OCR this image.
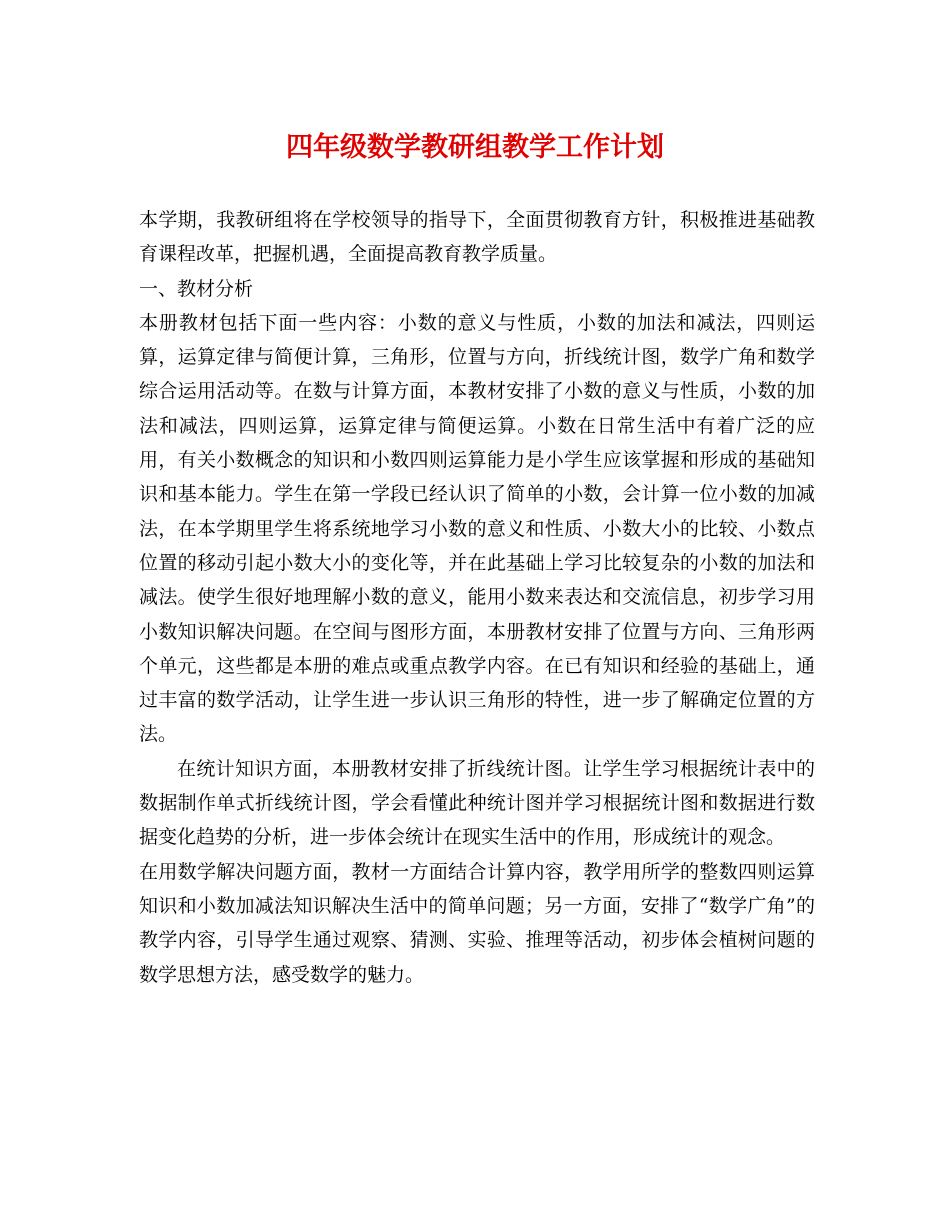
四年级数学教研组教学工作计划

本学期，我教研组将在学校领导的指导下，全面贯彻教育方针，积极推进基础教育课程改革，把握机遇，全面提高教育教学质量。

一、教材分析

本册教材包括下面一些内容：小数的意义与性质，小数的加法和减法，四则运算，运算定律与简便计算，三角形，位置与方向，折线统计图，数学广角和数学综合运用活动等。在数与计算方面，本教材安排了小数的意义与性质，小数的加法和减法，四则运算，运算定律与简便运算。小数在日常生活中有着广泛的应用，有关小数概念的知识和小数四则运算能力是小学生应该掌握和形成的基础知识和基本能力。学生在第一学段已经认识了简单的小数，会计算一位小数的加减法，在本学期里学生将系统地学习小数的意义和性质、小数大小的比较、小数点位置的移动引起小数大小的变化等，并在此基础上学习比较复杂的小数的加法和减法。使学生很好地理解小数的意义，能用小数来表达和交流信息，初步学习用小数知识解决问题。在空间与图形方面，本册教材安排了位置与方向、三角形两个单元，这些都是本册的难点或重点教学内容。在已有知识和经验的基础上，通过丰富的数学活动，让学生进一步认识三角形的特性，进一步了解确定位置的方法。

在统计知识方面，本册教材安排了折线统计图。让学生学习根据统计表中的数据制作单式折线统计图，学会看懂此种统计图并学习根据统计图和数据进行数据变化趋势的分析，进一步体会统计在现实生活中的作用，形成统计的观念。

在用数学解决问题方面，教材一方面结合计算内容，教学用所学的整数四则运算知识和小数加减法知识解决生活中的简单问题；另一方面，安排了“数学广角”的教学内容，引导学生通过观察、猜测、实验、推理等活动，初步体会植树问题的数学思想方法，感受数学的魅力。
